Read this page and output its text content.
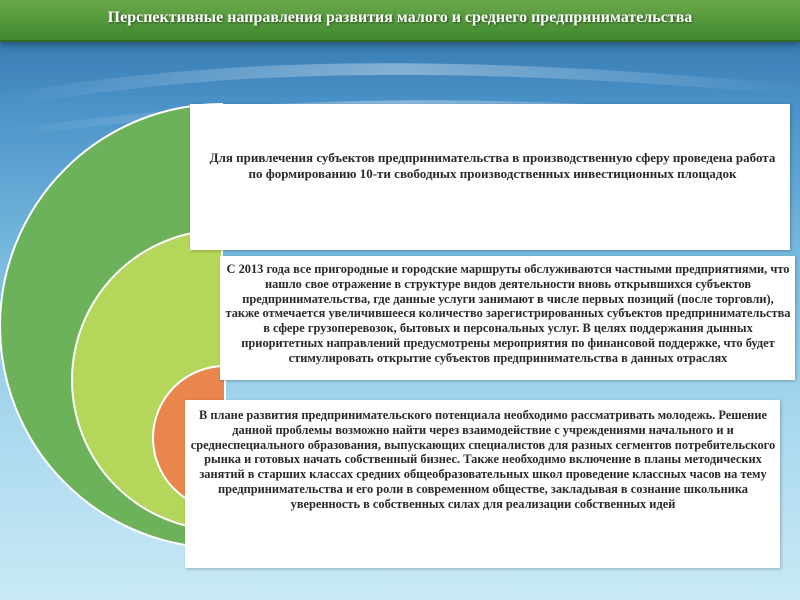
Перспективные направления развития малого и среднего предпринимательства
Для привлечения субъектов предпринимательства в производственную сферу проведена работа по формированию 10-ти свободных производственных инвестиционных площадок
С 2013 года все пригородные и городские маршруты обслуживаются частными предприятиями, что нашло свое отражение в структуре видов деятельности вновь открывшихся субъектов предпринимательства, где данные услуги занимают в числе первых позиций (после торговли), также отмечается увеличившееся количество зарегистрированных субъектов предпринимательства в сфере грузоперевозок, бытовых и персональных услуг. В целях поддержания дынных приоритетных направлений предусмотрены мероприятия по финансовой поддержке, что будет стимулировать открытие субъектов предпринимательства в данных отраслях
В плане развития предпринимательского потенциала необходимо рассматривать молодежь. Решение данной проблемы возможно найти через взаимодействие с учреждениями начального и и среднеспециального образования, выпускающих специалистов для разных сегментов потребительского рынка и готовых начать собственный бизнес. Также необходимо включение в планы методических занятий в старших классах средних общеобразовательных школ проведение классных часов на тему предпринимательства и его роли в современном обществе, закладывая в сознание школьника уверенность в собственных силах для реализации собственных идей
